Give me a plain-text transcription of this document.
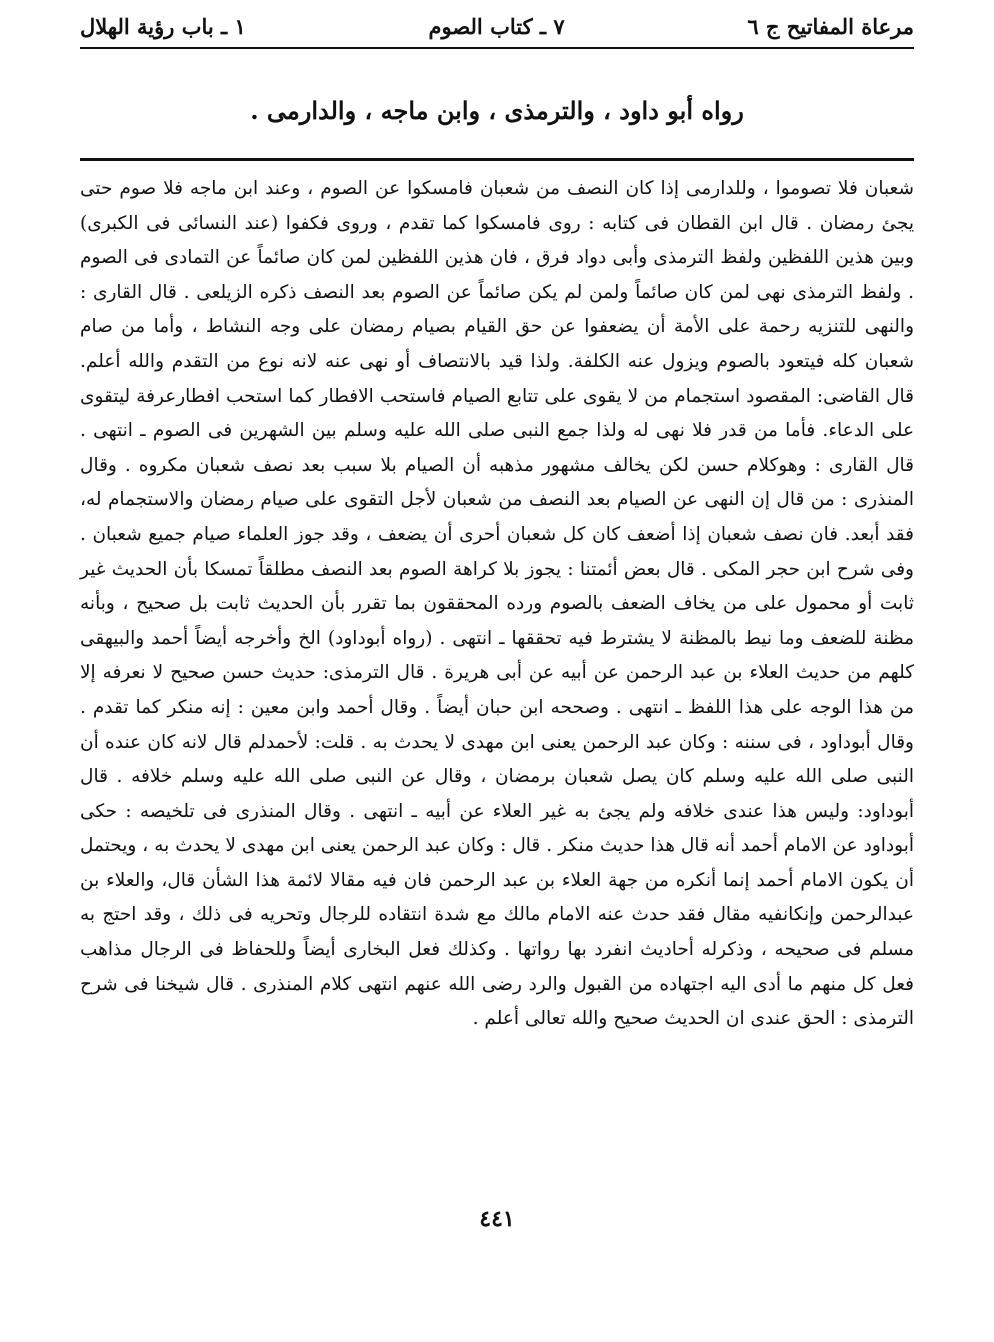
مرعاة المفاتيح ج ٦
٧ ـ كتاب الصوم
١ ـ باب رؤية الهلال
رواه أبو داود ، والترمذى ، وابن ماجه ، والدارمى .

شعبان فلا تصوموا ، وللدارمى إذا كان النصف من شعبان فامسكوا عن الصوم ، وعند ابن ماجه فلا صوم حتى يجئ رمضان . قال ابن القطان فى كتابه : روى فامسكوا كما تقدم ، وروى فكفوا (عند النسائى فى الكبرى) وبين هذين اللفظين ولفظ الترمذى وأبى دواد فرق ، فان هذين اللفظين لمن كان صائماً عن التمادى فى الصوم . ولفظ الترمذى نهى لمن كان صائماً ولمن لم يكن صائماً عن الصوم بعد النصف ذكره الزيلعى . قال القارى : والنهى للتنزيه رحمة على الأمة أن يضعفوا عن حق القيام بصيام رمضان على وجه النشاط ، وأما من صام شعبان كله فيتعود بالصوم ويزول عنه الكلفة. ولذا قيد بالانتصاف أو نهى عنه لانه نوع من التقدم والله أعلم. قال القاضى: المقصود استجمام من لا يقوى على تتابع الصيام فاستحب الافطار كما استحب افطارعرفة ليتقوى على الدعاء. فأما من قدر فلا نهى له ولذا جمع النبى صلى الله عليه وسلم بين الشهرين فى الصوم ـ انتهى . قال القارى : وهوكلام حسن لكن يخالف مشهور مذهبه أن الصيام بلا سبب بعد نصف شعبان مكروه . وقال المنذرى : من قال إن النهى عن الصيام بعد النصف من شعبان لأجل التقوى على صيام رمضان والاستجمام له، فقد أبعد. فان نصف شعبان إذا أضعف كان كل شعبان أحرى أن يضعف ، وقد جوز العلماء صيام جميع شعبان . وفى شرح ابن حجر المكى . قال بعض أئمتنا : يجوز بلا كراهة الصوم بعد النصف مطلقاً تمسكا بأن الحديث غير ثابت أو محمول على من يخاف الضعف بالصوم ورده المحققون بما تقرر بأن الحديث ثابت بل صحيح ، وبأنه مظنة للضعف وما نيط بالمظنة لا يشترط فيه تحققها ـ انتهى . (رواه أبوداود) الخ وأخرجه أيضاً أحمد والبيهقى كلهم من حديث العلاء بن عبد الرحمن عن أبيه عن أبى هريرة . قال الترمذى: حديث حسن صحيح لا نعرفه إلا من هذا الوجه على هذا اللفظ ـ انتهى . وصححه ابن حبان أيضاً . وقال أحمد وابن معين : إنه منكر كما تقدم . وقال أبوداود ، فى سننه : وكان عبد الرحمن يعنى ابن مهدى لا يحدث به . قلت: لأحمدلم قال لانه كان عنده أن النبى صلى الله عليه وسلم كان يصل شعبان برمضان ، وقال عن النبى صلى الله عليه وسلم خلافه . قال أبوداود: وليس هذا عندى خلافه ولم يجئ به غير العلاء عن أبيه ـ انتهى . وقال المنذرى فى تلخيصه : حكى أبوداود عن الامام أحمد أنه قال هذا حديث منكر . قال : وكان عبد الرحمن يعنى ابن مهدى لا يحدث به ، ويحتمل أن يكون الامام أحمد إنما أنكره من جهة العلاء بن عبد الرحمن فان فيه مقالا لائمة هذا الشأن قال، والعلاء بن عبدالرحمن وإنكانفيه مقال فقد حدث عنه الامام مالك مع شدة انتقاده للرجال وتحريه فى ذلك ، وقد احتج به مسلم فى صحيحه ، وذكرله أحاديث انفرد بها رواتها . وكذلك فعل البخارى أيضاً وللحفاظ فى الرجال مذاهب فعل كل منهم ما أدى اليه اجتهاده من القبول والرد رضى الله عنهم انتهى كلام المنذرى . قال شيخنا فى شرح الترمذى : الحق عندى ان الحديث صحيح والله تعالى أعلم .

٤٤١
